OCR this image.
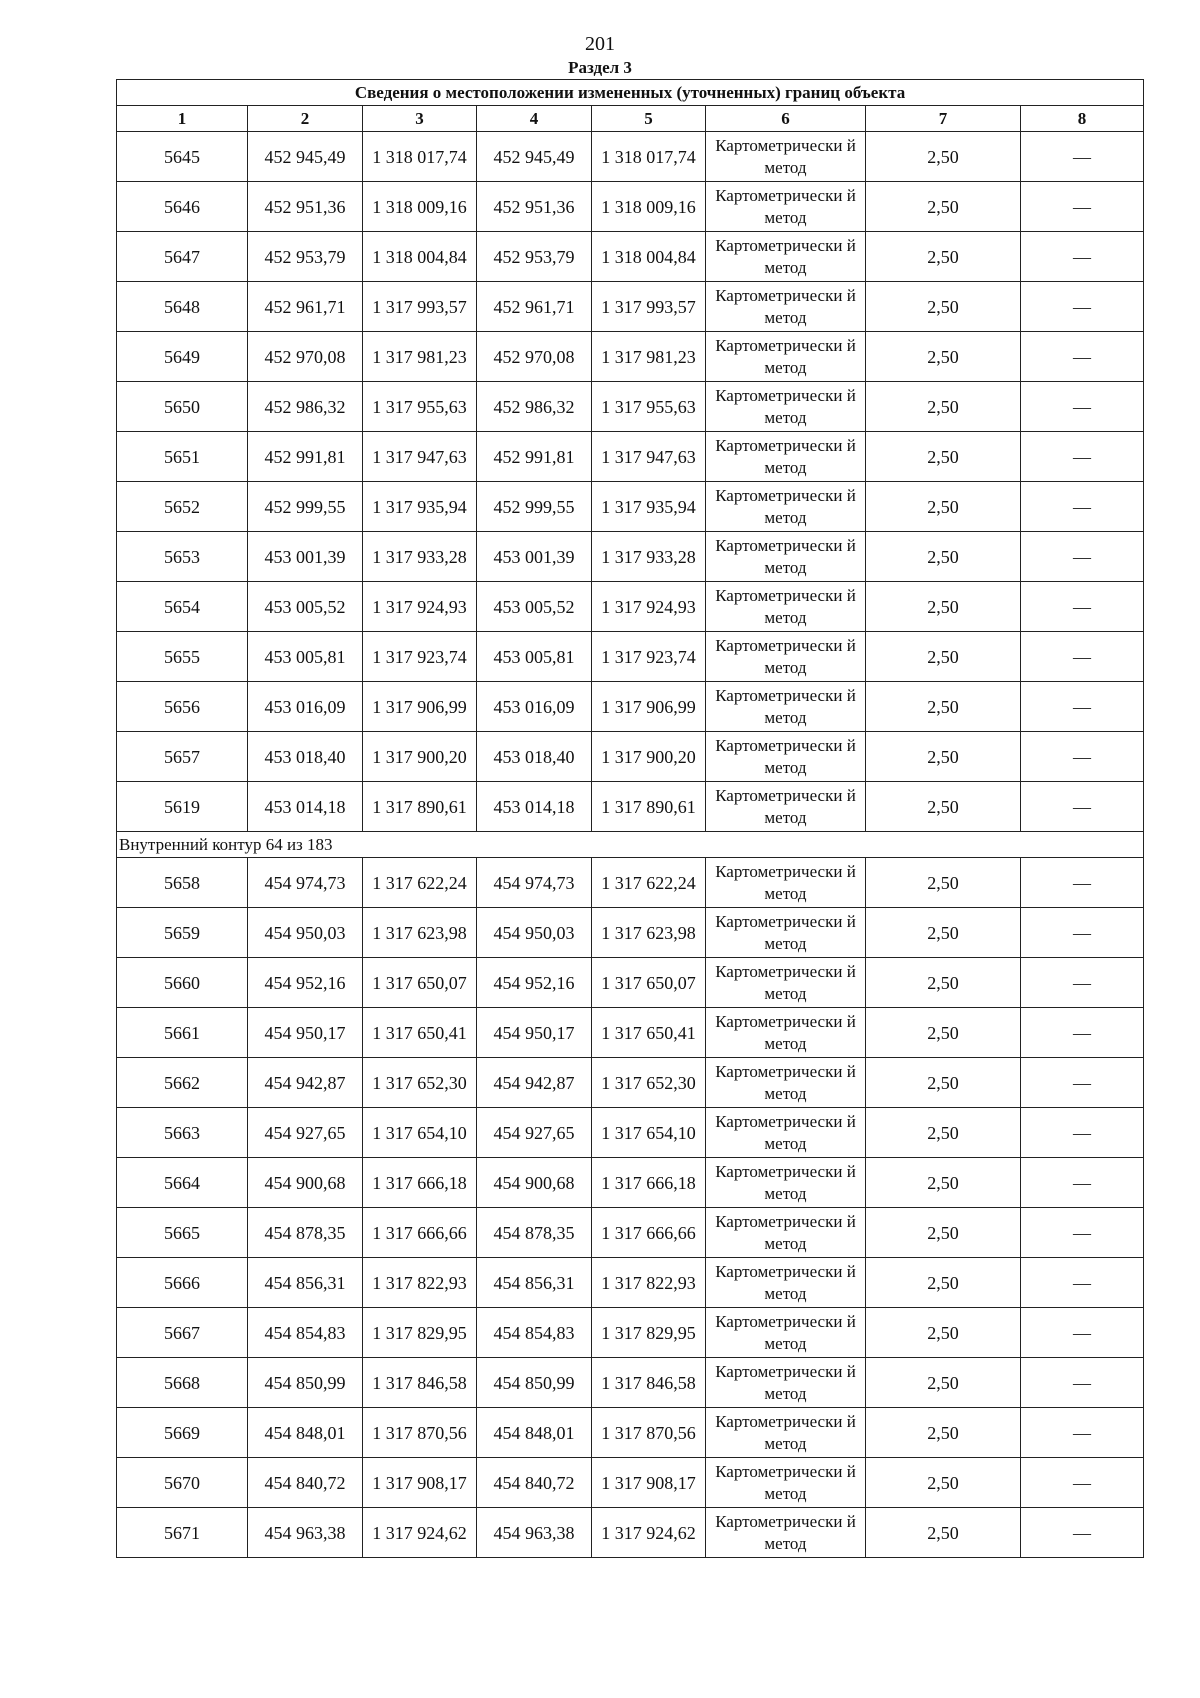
201
Раздел 3
Сведения о местоположении измененных (уточненных) границ объекта							
1	2	3	4	5	6	7	8
5645	452 945,49	1 318 017,74	452 945,49	1 318 017,74	Картометрически й метод	2,50	—
5646	452 951,36	1 318 009,16	452 951,36	1 318 009,16	Картометрически й метод	2,50	—
5647	452 953,79	1 318 004,84	452 953,79	1 318 004,84	Картометрически й метод	2,50	—
5648	452 961,71	1 317 993,57	452 961,71	1 317 993,57	Картометрически й метод	2,50	—
5649	452 970,08	1 317 981,23	452 970,08	1 317 981,23	Картометрически й метод	2,50	—
5650	452 986,32	1 317 955,63	452 986,32	1 317 955,63	Картометрически й метод	2,50	—
5651	452 991,81	1 317 947,63	452 991,81	1 317 947,63	Картометрически й метод	2,50	—
5652	452 999,55	1 317 935,94	452 999,55	1 317 935,94	Картометрически й метод	2,50	—
5653	453 001,39	1 317 933,28	453 001,39	1 317 933,28	Картометрически й метод	2,50	—
5654	453 005,52	1 317 924,93	453 005,52	1 317 924,93	Картометрически й метод	2,50	—
5655	453 005,81	1 317 923,74	453 005,81	1 317 923,74	Картометрически й метод	2,50	—
5656	453 016,09	1 317 906,99	453 016,09	1 317 906,99	Картометрически й метод	2,50	—
5657	453 018,40	1 317 900,20	453 018,40	1 317 900,20	Картометрически й метод	2,50	—
5619	453 014,18	1 317 890,61	453 014,18	1 317 890,61	Картометрически й метод	2,50	—
Внутренний контур 64 из 183							
5658	454 974,73	1 317 622,24	454 974,73	1 317 622,24	Картометрически й метод	2,50	—
5659	454 950,03	1 317 623,98	454 950,03	1 317 623,98	Картометрически й метод	2,50	—
5660	454 952,16	1 317 650,07	454 952,16	1 317 650,07	Картометрически й метод	2,50	—
5661	454 950,17	1 317 650,41	454 950,17	1 317 650,41	Картометрически й метод	2,50	—
5662	454 942,87	1 317 652,30	454 942,87	1 317 652,30	Картометрически й метод	2,50	—
5663	454 927,65	1 317 654,10	454 927,65	1 317 654,10	Картометрически й метод	2,50	—
5664	454 900,68	1 317 666,18	454 900,68	1 317 666,18	Картометрически й метод	2,50	—
5665	454 878,35	1 317 666,66	454 878,35	1 317 666,66	Картометрически й метод	2,50	—
5666	454 856,31	1 317 822,93	454 856,31	1 317 822,93	Картометрически й метод	2,50	—
5667	454 854,83	1 317 829,95	454 854,83	1 317 829,95	Картометрически й метод	2,50	—
5668	454 850,99	1 317 846,58	454 850,99	1 317 846,58	Картометрически й метод	2,50	—
5669	454 848,01	1 317 870,56	454 848,01	1 317 870,56	Картометрически й метод	2,50	—
5670	454 840,72	1 317 908,17	454 840,72	1 317 908,17	Картометрически й метод	2,50	—
5671	454 963,38	1 317 924,62	454 963,38	1 317 924,62	Картометрически й метод	2,50	—
